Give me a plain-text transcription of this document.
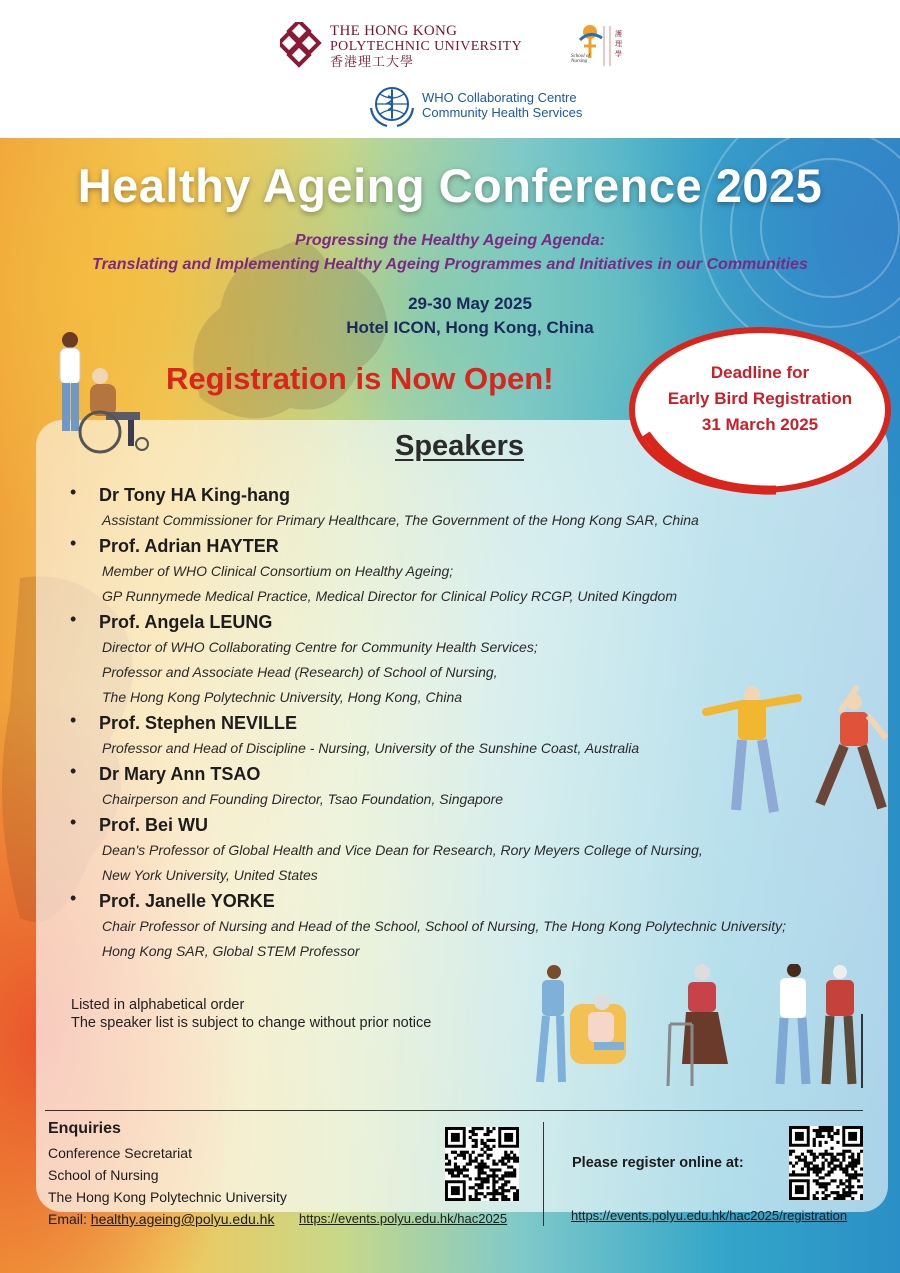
THE HONG KONG
POLYTECHNIC UNIVERSITY
香港理工大學
護
理
學
School of Nursing
WHO Collaborating Centre
Community Health Services
Healthy Ageing Conference 2025
Progressing the Healthy Ageing Agenda:
Translating and Implementing Healthy Ageing Programmes and Initiatives in our Communities
29-30 May 2025
Hotel ICON, Hong Kong, China
Registration is Now Open!	Deadline for
Early Bird Registration
31 March 2025
Speakers
• Dr Tony HA King-hang
Assistant Commissioner for Primary Healthcare, The Government of the Hong Kong SAR, China
• Prof. Adrian HAYTER
Member of WHO Clinical Consortium on Healthy Ageing;
GP Runnymede Medical Practice, Medical Director for Clinical Policy RCGP, United Kingdom
• Prof. Angela LEUNG
Director of WHO Collaborating Centre for Community Health Services;
Professor and Associate Head (Research) of School of Nursing,
The Hong Kong Polytechnic University, Hong Kong, China
• Prof. Stephen NEVILLE
Professor and Head of Discipline - Nursing, University of the Sunshine Coast, Australia
• Dr Mary Ann TSAO
Chairperson and Founding Director, Tsao Foundation, Singapore
• Prof. Bei WU
Dean's Professor of Global Health and Vice Dean for Research, Rory Meyers College of Nursing,
New York University, United States
• Prof. Janelle YORKE
Chair Professor of Nursing and Head of the School, School of Nursing, The Hong Kong Polytechnic University;
Hong Kong SAR, Global STEM Professor
Listed in alphabetical order
The speaker list is subject to change without prior notice
Enquiries
Conference Secretariat
School of Nursing
The Hong Kong Polytechnic University
Email: healthy.ageing@polyu.edu.hk https://events.polyu.edu.hk/hac2025
Please register online at:
https://events.polyu.edu.hk/hac2025/registration
